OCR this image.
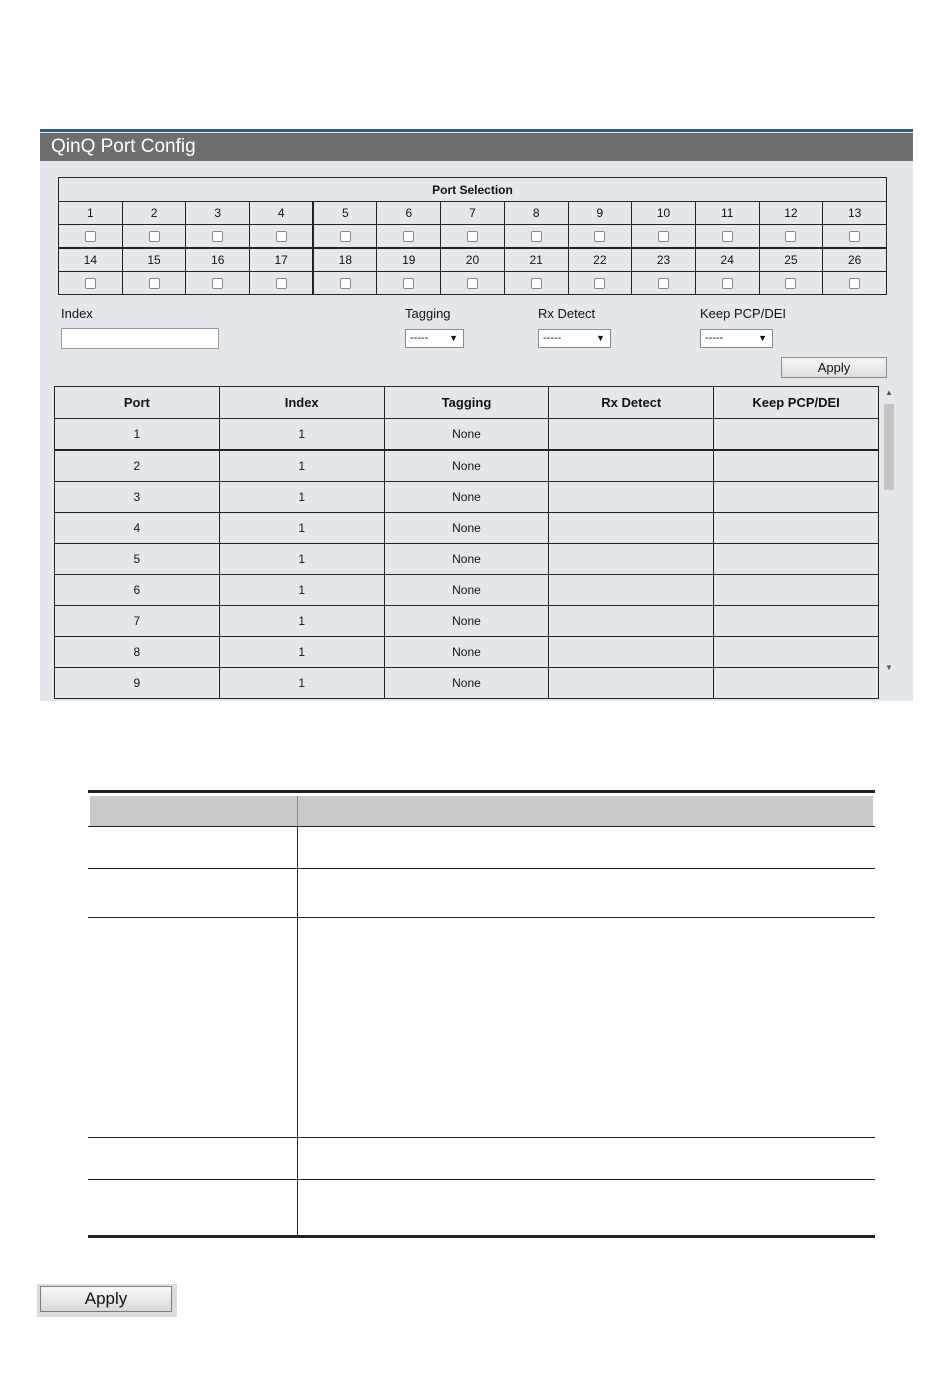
QinQ Port Config
Port Selection												
1	2	3	4	5	6	7	8	9	10	11	12	13

14	15	16	17	18	19	20	21	22	23	24	25	26

Index	Tagging
----- ▼
Rx Detect
-----	▼
Keep PCP/DEI
-----	▼
Apply
Port	Index	Tagging	Rx Detect	Keep PCP/DEI
1	1	None		
2	1	None		
3	1	None		
4	1	None		
5	1	None		
6	1	None		
7	1	None		
8	1	None		
9	1	None		
▲
▼
Apply
